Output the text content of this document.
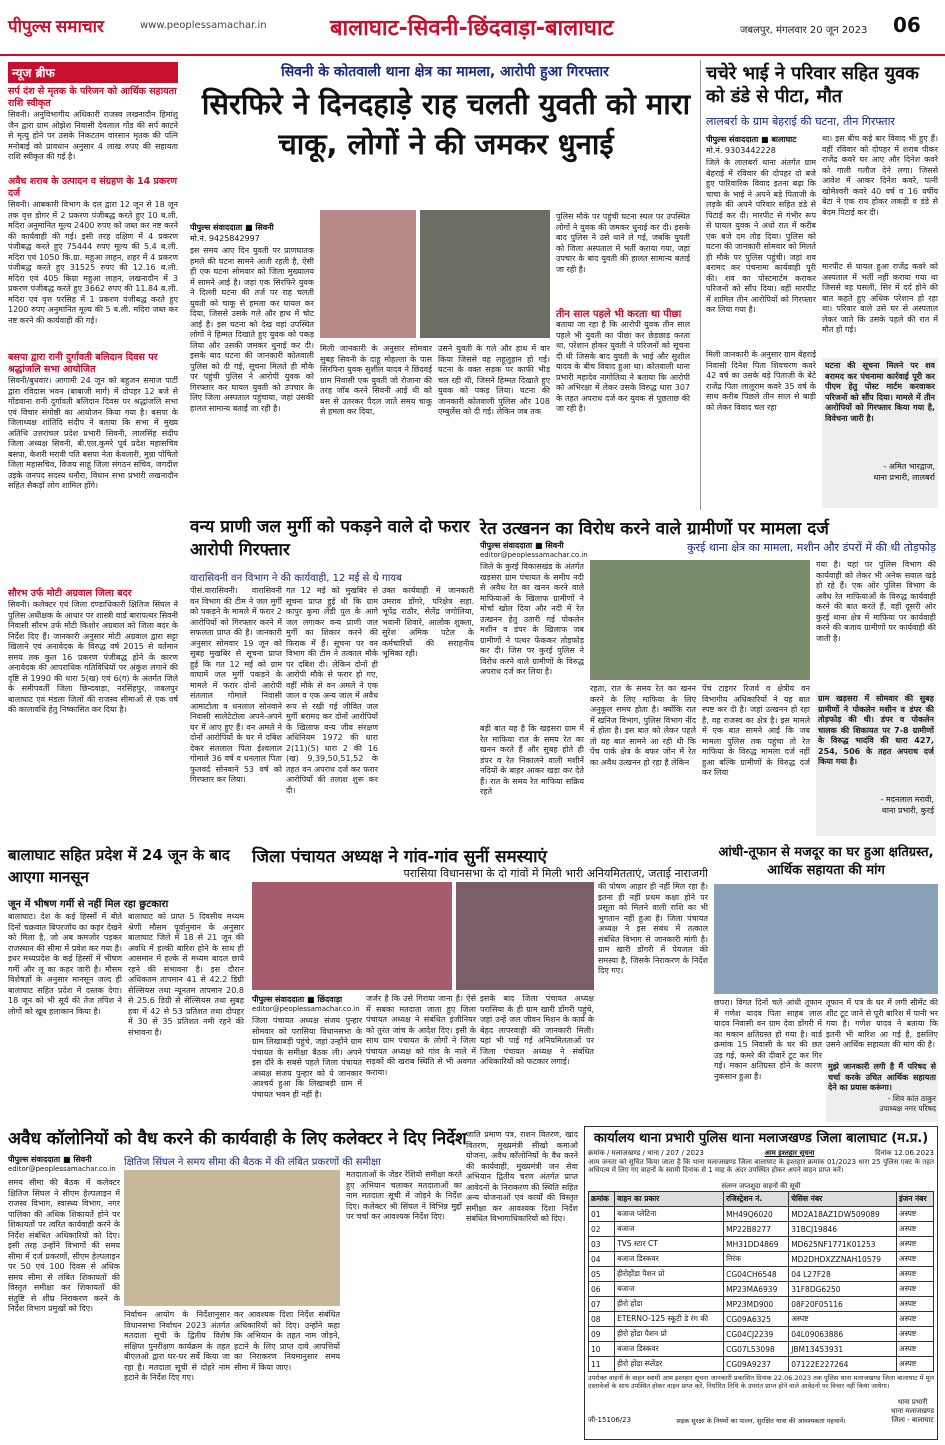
पीपुल्स समाचार	www.peoplessamachar.in	बालाघाट-सिवनी-छिंदवाड़ा-बालाघाट	जबलपुर, मंगलवार 20 जून 2023 06
न्यूज ब्रीफ
सर्प दंश से मृतक के परिजन को आर्थिक सहायता राशि स्वीकृत
सिवनी। अनुविभागीय अधिकारी राजस्व लखनादौन हिमांशु जैन द्वारा ग्राम ओझेश निवासी देवलाल गोंड की सर्प काटने से मृत्यु होने पर उसके निकटतम वारसान मृतक की पत्नि मनोबाई को प्रावधान अनुसार 4 लाख रुपए की सहायता राशि स्वीकृत की गई है।
अवैध शराब के उत्पादन व संग्रहण के 14 प्रकरण दर्ज
सिवनी। आबकारी विभाग के दल द्वारा 12 जून से 18 जून तक वृत्त डोगर में 2 प्रकरण पंजीबद्ध करते हुए 10 ब.ली. मदिरा अनुमानित मूल्य 2400 रुपए को जब्त कर नष्ट करने की कार्यवाही की गई। इसी तरह दक्षिण में 4 प्रकरण पंजीबद्ध करते हुए 75444 रुपए मूल्य की 5.4 ब.ली. मदिरा एवं 1050 कि.ग्रा. महुआ लाहन, शहर में 4 प्रकरण पंजीबद्ध करते हुए 31525 रुपए की 12.16 ब.ली. मदिरा एवं 405 किग्रा महुआ लाहन, लखनादौन में 3 प्रकरण पंजीबद्ध करते हुए 3662 रुपए की 11.84 ब.ली. मदिरा एवं वृत्त परसिह में 1 प्रकरण पंजीबद्ध करते हुए 1200 रुपए अनुमानित मूल्य की 5 ब.ली. मदिरा जब्त कर नष्ट करने की कार्यवाही की गई।
बसपा द्वारा रानी दुर्गावती बलिदान दिवस पर श्रद्धांजलि सभा आयोजित
सिवनी/बुधवार। आगामी 24 जून को बहुजन समाज पार्टी द्वारा रविदास भवन (बाबाजी मार्ग) में दोपहर 12 बजे से गोंडवाना रानी दुर्गावती बलिदान दिवस पर श्रद्धांजलि सभा एवं विचार संगोष्ठी का आयोजन किया गया है। बसपा के जिलाध्यक्ष शांतिदि संदीप ने बताया कि सभा में मुख्य अतिथि उत्तरांचल प्रदेश प्रभारी सिवनी, लालसिंह संदीप जिला अध्यक्ष सिवनी, बी.एल.कुमरे पूर्व प्रदेश महासचिव बसपा, केशरी मरावी पति बसपा नेता केवलारी, मुन्ना पोषितो जिला महासचिव, विजय साहू जिला संगठन सचिव, जगदीश उइके जनपद सदस्य धनौरा, विधान सभा प्रभारी लखनादौन सहित सैकड़ों लोग शामिल होंगे।
सौरभ उर्फ मोटी अग्रवाल जिला बदर
सिवनी। कलेक्टर एवं जिला दण्डाधिकारी क्षितिज सिंघल ने पुलिस अधीक्षक के आधार पर शास्त्री वार्ड बारापत्थर सिवनी निवासी सौरभ उर्फ मोटी किशोर अग्रवाल को जिला बदर के निर्देश दिए हैं। जानकारी अनुसार मोटी अग्रवाल द्वारा सट्टा खिलाने एवं अनावेदक के विरुद्ध वर्ष 2015 से वर्तमान समय तक कुल 16 प्रकरण पंजीबद्ध होने के कारण अनावेदक की आपराधिक गतिविधियों पर अंकुश लगाने की दृष्टि से 1990 की धारा 5(ख) एवं 6(ग) के अंतर्गत जिले के समीपवर्ती जिला छिन्दवाड़ा, नरसिंहपुर, जबलपुर बालाघाट एवं मंडला जिलों की राजस्व सीमाओं से एक वर्ष की कालावधि हेतु निष्कासित कर दिया है।
सिवनी के कोतवाली थाना क्षेत्र का मामला, आरोपी हुआ गिरफ्तार
सिरफिरे ने दिनदहाड़े राह चलती युवती को मारा चाकू, लोगों ने की जमकर धुनाई
पीपुल्स संवाददाता ■ सिवनी
मो.नं. 9425842997
इस समय आए दिन युवती पर प्राणघातक हमले की घटना सामने आती रहती है, ऐसी ही एक घटना सोमवार को जिला मुख्यालय में सामने आई है। जहां एक सिरफिरे युवक ने दिल्ली घटना की तर्ज पर राह चलती युवती को चाकू से हमला कर घायल कर दिया, जिससे उसके गले और हाथ में चोट आई है। इस घटना को देख वहां उपस्थित लोगों ने हिम्मत दिखाते हुए युवक को पकड़ लिया और उसकी जमकर धुनाई कर दी। इसके बाद घटना की जानकारी कोतवाली पुलिस को दी गई, सूचना मिलते ही मौके पर पहुंची पुलिस ने आरोपी युवक को गिरफ्तार कर घायल युवती को उपचार के लिए जिला अस्पताल पहुंचाया, जहां उसकी हालत सामान्य बताई जा रही है।
मिली जानकारी के अनुसार सोमवार सुबह सिवनी के दाहू मोहल्ला के पास सिरफिरा युवक सुशील यादव ने छिंदवई ग्राम निवासी एक युवती जो रोजाना की तरह जॉब करने सिवनी आई थी को बस से उतरकर पैदल जाते समय चाकू से हमला कर दिया,
उसने युवती के गले और हाथ में वार किया जिससे वह लहूलुहान हो गई। घटना के वक्त सड़क पर काफी भीड़ चल रही थी, जिसने हिम्मत दिखाते हुए युवक को पकड़ लिया। घटना की जानकारी कोतवाली पुलिस और 108 एम्बुलेंस को दी गई। लेकिन जब तक
पुलिस मौके पर पहुंची घटना स्थल पर उपस्थित लोगों ने युवक की जमकर धुनाई कर दी। इसके बाद पुलिस ने उसे थाने ले गई, जबकि युवती को जिला अस्पताल में भर्ती कराया गया, जहां उपचार के बाद युवती की हालत सामान्य बताई जा रही है।
तीन साल पहले भी करता था पीछा
बताया जा रहा है कि आरोपी युवक तीन साल पहले भी युवती का पीछा कर छेड़छाड़ करता था, परेशान होकर युवती ने परिजनों को सूचना दी थी जिसके बाद युवती के भाई और सुशील यादव के बीच विवाद हुआ था। कोतवाली थाना प्रभारी महादेव नागोतिया ने बताया कि आरोपी को अभिरक्षा में लेकर उसके विरुद्ध धारा 307 के तहत अपराध दर्ज कर युवक से पूछताछ की जा रही है।
चचेरे भाई ने परिवार सहित युवक को डंडे से पीटा, मौत
लालबर्रा के ग्राम बेहराई की घटना, तीन गिरफ्तार
पीपुल्स संवाददाता ■ बालाघाट
मो.नं. 9303442228
जिले के लालबर्रा थाना अंतर्गत ग्राम बेहराई में रविवार की दोपहर दो बजे हुए पारिवारिक विवाद इतना बढ़ा कि चाचा के भाई ने अपने बड़े पिताजी के लड़के की अपने परिवार सहित डंडे से पिटाई कर दी। मारपीट से गंभीर रूप से घायल युवक ने अधो रात में करीब एक बजे दम तोड़ दिया। पुलिस को घटना की जानकारी सोमवार को मिलते ही मौके पर पुलिस पहुंची। जहां शव बरामद कर पंचनामा कार्यवाही पूरी की। शव का पोस्टमार्टम कराकर परिजनों को सौंप दिया। वहीं मारपीट में शामिल तीन आरोपियों को गिरफ्तार कर लिया गया है।
मिली जानकारी के अनुसार ग्राम बेहराई निवासी दिनेश पिता शिवचरण कवरे 42 वर्ष का उसके बड़े पिताजी के बेटे राजेंद्र पिता लालूराम कवरे 35 वर्ष के साथ करीब पिछले तीन साल से बाड़ी को लेकर विवाद चल रहा
था। इस बीच कई बार विवाद भी हुए हैं। वहीं रविवार को दोपहर में शराब पीकर राजेंद्र कवरे घर आए और दिनेश कवरे को गाली गलौज देने लगा। जिससे आवेश में आकर दिनेश कवरे, पत्नी खोमेश्वरी कवरे 40 वर्ष व 16 वर्षीय बेटा ने एक राय होकर लकड़ी व डंडे से बेदम पिटाई कर दी।
मारपीट से घायल हुआ राजेंद्र कवरे को अस्पताल में भर्ती नहीं कराया गया था जिससे वह घसली, सिर में दर्द होने की बात कहते हुए अधिक परेशान हो रहा था। परिवार वाले उसे घर से अस्पताल लेकर जाते कि उसके पहले की रात में मौत हो गई।
घटना की सूचना मिलने पर शव बरामद कर पंचनामा कार्रवाई पूरी कर पीएम हेतु पोस्ट मार्टम करवाकर परिजनों को सौंप दिया। मामले में तीन आरोपियों को गिरफ्तार किया गया है, विवेचना जारी है।
- अमित भारद्वाज,
थाना प्रभारी, लालबर्रा
वन्य प्राणी जल मुर्गी को पकड़ने वाले दो फरार आरोपी गिरफ्तार
वारासिवनी वन विभाग ने की कार्यवाही, 12 मई से थे गायब
पीसं.वारासिवनी। वारासिवनी वन विभाग की टीम ने जल मुर्गी को पकड़ने के मामले में फरार 2 आरोपियों को गिरफ्तार करने में सफलता प्राप्त की है। जानकारी अनुसार सोमवार 19 जून को सुबह मुखबिर से सूचना प्राप्त हुई कि गत 12 मई को ग्राम वाघामें जल मुर्गी पकड़ने के मामले में फरार दोनों आरोपी संतलाल गोमाले निवासी आमाटोला व धनलाल सोनवाने निवासी सालेटेटोला अपने-अपने घर में आए हुए हैं। वन अमले ने दोनों आरोपियों के घर में दबिश देकर संतलाल पिता ईश्वलाल गोमाले 36 वर्ष व धनलाल पिता फुलवर्द सोनवाने 53 वर्ष को गिरफ्तार कर लिया।
गत 12 मई को मुखबिर से सूचना प्राप्त हुई थी कि ग्राम कापुर कुमा लेंडी पुल के आगे जल लगाकर वन्य प्राणी जल मुर्गी का शिकार करने की फिराक में हैं। सूचना पर वन विभाग की टीम ने तत्काल मौके पर दबिश दी। लेकिन दोनों ही आरोपी मौके से फरार हो गए, वहीं मौके से वन अमले ने एक जाल व एक अन्य जाल में अवैध रूप से रखी गई जीवित जल मुर्गी बरामद कर दोनों आरोपियों के खिलाफ वन्य जीव संरक्षण अधिनियम 1972 की धारा 2(11)(5) धारा 2 की 16 (ख) 9,39,50,51,52 के तहत वन अपराध दर्ज कर फरार आरोपियों की तलाश शुरू कर दी।
उक्त कार्यवाही में जानकारी उमराव डोंगरे, परिक्षेत्र सहा. भूपेंद्र राठौर, सेलेंद्र जगोलिया, भवानी शिवारे, आलोक शुक्ला, सुरेश अमिक पटेल के कर्मचारियों की सराहनीय भूमिका रही।
रेत उत्खनन का विरोध करने वाले ग्रामीणों पर मामला दर्ज
पीपुल्स संवाददाता ■ सिवनी
editor@peoplessamachar.co.in
कुरई थाना क्षेत्र का मामला, मशीन और डंपरों में की थी तोड़फोड़
जिले के कुरई विकासखंड के अंतर्गत खड़सरा ग्राम पंचायत के समीप नदी से अवैध रेत का खनन करने वाले माफियाओं के खिलाफ ग्रामीणों ने मोर्चा खोल दिया और नदी में रेत उत्खनन हेतु उतारी गई पोकलेन मशीन व डंपर के खिलाफ जब ग्रामीणों ने पत्थर फेंककर तोड़फोड़ कर दी। जिस पर कुरई पुलिस ने विरोध करने वाले ग्रामीणों के विरुद्ध अपराध दर्ज कर लिया है।
बड़ी बात यह है कि खड़सरा ग्राम में रेत माफिया रात के समय रेत का खनन करते हैं और सुबह होते ही डंपर व रेत निकालने वाली मशीनें नदियों के बाहर आकर खड़ा कर देते हैं। रात के समय रेत माफिया सक्रिय रहते
रहता, रात के समय रेत का खनन करने के लिए माफिया के लिए अनुकूल समय होता है। क्योंकि रात में खनिज विभाग, पुलिस विभाग नींद में होता है। इस बात को लेकर पहले तो यह बात सामने आ रही थी कि पेंच पार्क क्षेत्र के बफर जोन में रेत का अवैध उत्खनन हो रहा है लेकिन
पेंच टाइगर रिजर्व व क्षेत्रीय वन विभागीय अधिकारियों ने यह बात स्पष्ट कर दी है। जहां उत्खनन हो रहा है, वह राजस्व का क्षेत्र है। इस मामले में एक बात सामने आई कि जब मामला पुलिस तक पहुंचा तो रेत माफिया के विरुद्ध मामला दर्ज नहीं हुआ बल्कि ग्रामीणों के विरुद्ध दर्ज कर लिया
गया है। यहां पर पुलिस विभाग की कार्यवाही को लेकर भी अनेक सवाल खड़े हो रहे हैं। एक ओर पुलिस विभाग के अवैध रेत माफियाओं के विरुद्ध कार्यवाही करने की बात करते हैं, वहीं दूसरी ओर कुरई थाना क्षेत्र में माफिया पर कार्यवाही करने की बजाय ग्रामीणों पर कार्यवाही की जाती है।
ग्राम खड़सरा में सोमवार की सुबह ग्रामीणों ने पोकलेन मशीन व डंपर की तोड़फोड़ की थी। डंपर व पोकलेन चालक की शिकायत पर 7-8 ग्रामीणों के विरुद्ध भादंवि की धारा 427, 254, 506 के तहत अपराध दर्ज किया गया है।
- मदनलाल मरावी,
थाना प्रभारी, कुरई
बालाघाट सहित प्रदेश में 24 जून के बाद आएगा मानसून
जून में भीषण गर्मी से नहीं मिल रहा छुटकारा
बालाघाट। देश के कई हिस्सों में बीते दिनों चक्रवात बिपरजॉय का कहर देखने को मिला है, जो अब कमजोर पड़कर राजस्थान की सीमा में प्रवेश कर गया है। इधर मध्यप्रदेश के कई हिस्सों में भीषण गर्मी और लू का कहर जारी है। मौसम विशेषज्ञों के अनुसार मानसून जल्द ही बालाघाट सहित प्रदेश में दस्तक देगा। 18 जून को भी सूर्य की तेज तपिश ने लोगों को खूब हलाकान किया है।
बालाघाट को प्राप्त 5 दिवसीय मध्यम श्रेणी मौसम पूर्वानुमान के अनुसार बालाघाट जिले में 18 से 21 जून की अवधि में हल्की बारिश होने के साथ ही आसमान में हल्के से मध्यम बादल छाये रहने की संभावना है। इस दौरान अधिकतम तापमान 41 से 42.2 डिग्री सेल्सियस तथा न्यूनतम तापमान 20.8 से 25.6 डिग्री से सेल्सियस तथा सुबह हवा में 42 से 53 प्रतिशत तथा दोपहर में 30 से 35 प्रतिशत नमी रहने की संभावना है।
जिला पंचायत अध्यक्ष ने गांव-गांव सुनीं समस्याएं
परासिया विधानसभा के दो गांवों में मिली भारी अनियमितताएं, जताई नाराजगी
पीपुल्स संवाददाता ■ छिंदवाड़ा
editor@peoplessamachar.co.in
जिला पंचायत अध्यक्ष संजय पुन्हार सोमवार को परासिया विधानसभा के ग्राम लिखाबड़ी पहुंचे, जहां उन्होंने ग्राम पंचायत के समीक्षा बैठक ली। अपने इस दौरे के सबसे पहले जिला पंचायत अध्यक्ष संजय पुन्हार को ये जानकार आश्चर्य हुआ कि लिखाबड़ी ग्राम में पंचायत भवन ही नहीं है।
जर्जर है कि उसे गिराया जाना है। ऐसे में सबका मतदाता जाता हुए जिला पंचायत अध्यक्ष ने संबंधित इंजीनियर को तुरंत जांच के आदेश दिए। इसी के साथ ग्राम पंचायत के लोगों ने जिला पंचायत अध्यक्ष को गांव के नाले में सड़कों की खराब स्थिति से भी अवगत कराया।
इसके बाद जिला पंचायत अध्यक्ष परासिया के ही ग्राम खारी डोंगरी पहुंचे, जहां उन्हें जल जीवन मिशन के कार्य के बेहद लापरवाही की जानकारी मिली। यहां भी पाई गई अनियमितताओं पर जिला पंचायत अध्यक्ष ने संबंधित अधिकारियों को फटकार लगाई।
की पोषण आहार ही नहीं मिल रहा है। इतना ही नहीं प्रथम कक्षा होने पर प्रसूता को मिलने वाली राशि का भी भुगतान नहीं हुआ है। जिला पंचायत अध्यक्ष ने इस संबंध में तत्काल संबंधित विभाग से जानकारी मांगी है। ग्राम खारी डोंगरी में पेयजल की समस्या है, जिसके निराकरण के निर्देश दिए गए।
आंधी-तूफान से मजदूर का घर हुआ क्षतिग्रस्त, आर्थिक सहायता की मांग
छपरा। विगत दिनों चले आंधी तूफान में गणेश यादव पिता साहब लाल यादव निवासी वन ग्राम देवा डोंगरी में का मकान क्षतिग्रस्त हो गया है। वार्ड क्रमांक 15 निवासी के घर की छत उड़ गई, कमरे की दीवारें टूट कर गिर गई। मकान क्षतिग्रस्त होने के कारण नुकसान हुआ है।
तूफान में पत्र के घर में लगी सीमेंट की शीट टूट जाने से पूरी बारिश में पानी भर गया है। गणेश यादव ने बताया कि इतनी भी बारिश आ गई है, इसलिए उसने आर्थिक सहायता की मांग की है।
मुझे जानकारी लगी है मैं परिषद से चर्चा करके उचित आर्थिक सहायता देने का प्रयास करूंगा।
- शिव कांत ठाकुर
उपाध्यक्ष नगर परिषद
अवैध कॉलोनियों को वैध करने की कार्यवाही के लिए कलेक्टर ने दिए निर्देश
पीपुल्स संवाददाता ■ सिवनी
editor@peoplessamachar.co.in
क्षितिज सिंघल ने समय सीमा की बैठक में की लंबित प्रकरणों की समीक्षा
समय सीमा की बैठक में कलेक्टर क्षितिज सिंघल ने सीएम हेल्पलाइन में राजस्व विभाग, स्वास्थ्य विभाग, नगर पालिका की अधिक शिकायतें होने पर शिकायतों पर त्वरित कार्यवाही करने के निर्देश संबंधित अधिकारियों को दिए। इसी तरह उन्होंने विभागों की समय सीमा में दर्ज प्रकरणों, सीएम हेल्पलाइन पर 50 एवं 100 दिवस से अधिक समय सीमा से लंबित शिकायतों की विस्तृत समीक्षा कर शिकायतों की संतुष्टि से शीघ्र निराकरण करने के निर्देश विभाग प्रमुखों को दिए।
निर्वाचन आयोग के निर्देशानुसार विधानसभा निर्वाचन 2023 अंतर्गत मतदाता सूची के द्वितीय विशेष संक्षिप्त पुनरीक्षण कार्यक्रम के तहत बीएलओ द्वारा घर-घर सर्वे किया जा रहा है। मतदाता सूची से दोहरे नाम हटाने के निर्देश दिए गए।
कर आवश्यक दिशा निर्देश संबंधित अधिकारियों को दिए। उन्होंने कहा कि अभियान के तहत नाम जोड़ने, हटाने के लिए प्राप्त दावे आपत्तियों का निराकरण नियमानुसार समय सीमा में किया जाए।
मतदाताओं के जेंडर रेशियो समीक्षा करते हुए अभियान चलाकर मतदाताओं का नाम मतदाता सूची में जोड़ने के निर्देश दिए। कलेक्टर श्री सिंघल ने विभिन्न मुद्दों पर चर्चा कर आवश्यक निर्देश दिए।
जाति प्रमाण पत्र, राशन वितरण, खाद वितरण, मुख्यमंत्री सीखो कमाओ योजना, अवैध कॉलोनियों के वैध करने की कार्यवाही, मुख्यमंत्री जन सेवा अभियान द्वितीय चरण अंतर्गत प्राप्त आवेदनों के निराकरण की स्थिति सहित अन्य योजनाओं एवं कार्यों की विस्तृत समीक्षा कर आवश्यक दिशा निर्देश संबंधित विभागाधिकारियों को दिए।
कार्यालय थाना प्रभारी पुलिस थाना मलाजखण्ड जिला बालाघाट (म.प्र.)
क्रमांक / मलाजखण्ड / थाना / 207 / 2023	आम इश्तहार सूचना	दिनांक 12.06.2023
आम जनता को सूचित किया जाता है कि थाना मलाजखण्ड जिला बालाघाट के इश्तहार क्रमांक 01/2023 धारा 25 पुलिस एक्ट के तहत अधिपत्य में लिए गए वाहनों के स्वामी दिनांक से 1 माह के अंदर उपस्थित होकर अपने वाहन प्राप्त करें।
संलग्न जप्तशुदा वाहनों की सूची
क्रमांक	वाहन का प्रकार	रजिस्ट्रेशन नं.	चेसिस नंबर	इंजन नंबर
01	बजाज प्लेटिना	MH49Q6020	MD2A18AZ1DW509089	अस्पष्ट
02	बजाज	MP22B8277	31BCJ19846	अस्पष्ट
03	TVS स्टार CT	MH31DD4869	MD625NF1771K01253	अस्पष्ट
04	बजाज डिस्कवर	निरंक	MD2DHDXZZNAH10579	अस्पष्ट
05	हीरोहोंडा पैशन प्रो	CG04CH6548	04 L27F28	अस्पष्ट
06	बजाज	MP23MA6939	31F8DG6250	अस्पष्ट
07	हीरो होंडा	MP23MD900	08F20F05116	अस्पष्ट
08	ETERNO-125 स्कूटी डे रंग की	CG09A6325	अस्पष्ट	अस्पष्ट
09	हीरो होंडा पैशन प्रो	CG04CJ2239	04L09063886	अस्पष्ट
10	बजाज डिस्कवर	CG07L53098	JBM13453931	अस्पष्ट
11	हीरो होंडा स्प्लेंडर	CG09A9237	07122E227264	अस्पष्ट
उपरोक्त वाहनों के वाहन स्वामी आम इश्तहार सूचना जानकारी प्रकाशित दिनांक 22.06.2023 तक पुलिस थाना मलाजखण्ड जिला बालाघाट में मूल दस्तावेजों के साथ उपस्थित होकर वाहन प्राप्त करें, निर्धारित तिथि के उपरांत प्राप्त होने वाले आवेदनों पर विचार नहीं किया जायेगा।
जी-15106/23	सड़क सुरक्षा के नियमों का पालन, सुरक्षित यात्रा की आवश्यकता पहचानें।
थाना प्रभारी
थाना मलाजखण्ड
जिला - बालाघाट
